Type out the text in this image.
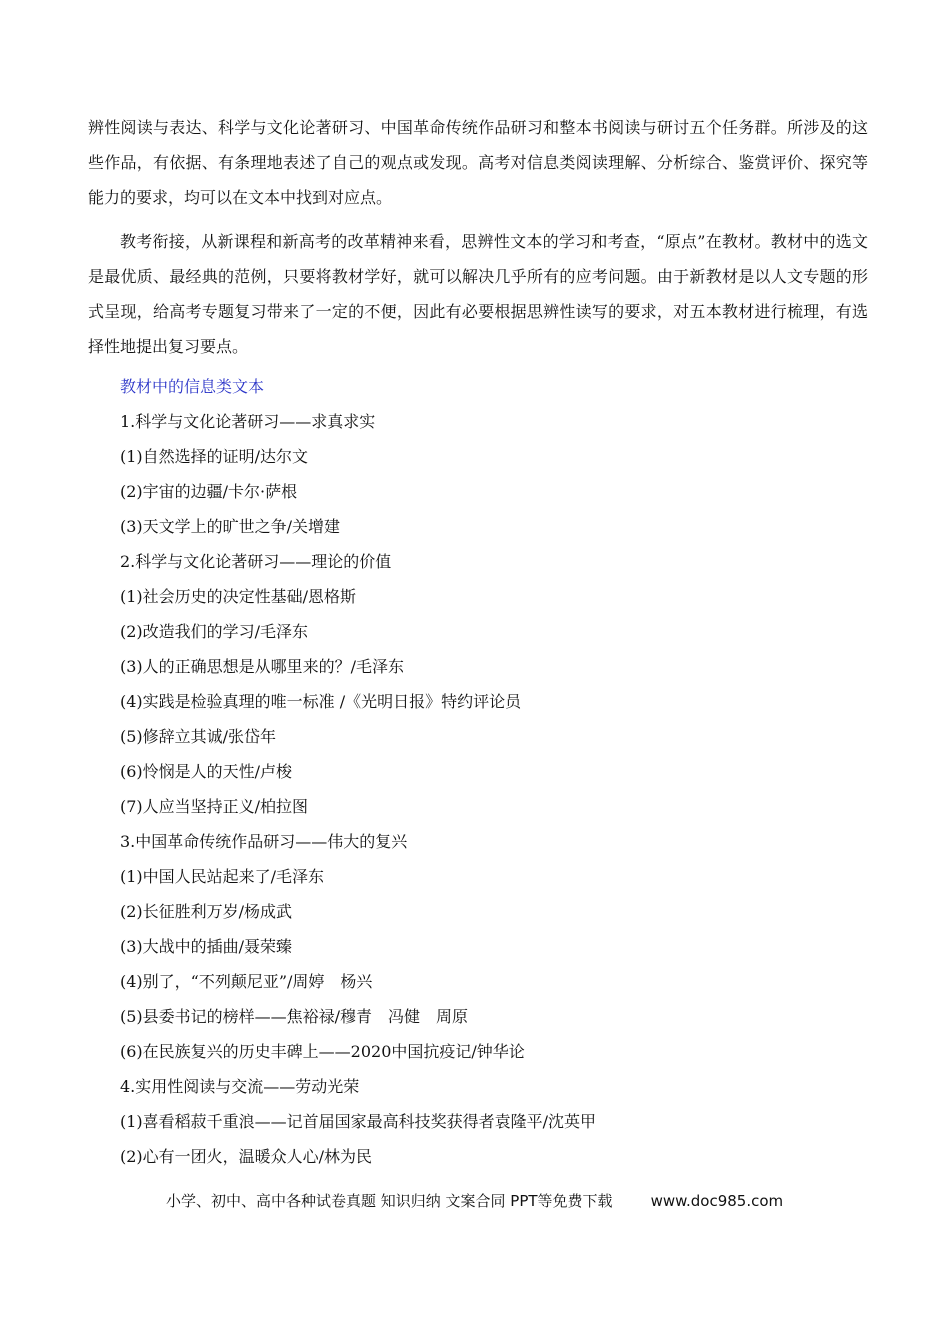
辨性阅读与表达、科学与文化论著研习、中国革命传统作品研习和整本书阅读与研讨五个任务群。所涉及的这些作品，有依据、有条理地表述了自己的观点或发现。高考对信息类阅读理解、分析综合、鉴赏评价、探究等能力的要求，均可以在文本中找到对应点。

教考衔接，从新课程和新高考的改革精神来看，思辨性文本的学习和考查，“原点”在教材。教材中的选文是最优质、最经典的范例，只要将教材学好，就可以解决几乎所有的应考问题。由于新教材是以人文专题的形式呈现，给高考专题复习带来了一定的不便，因此有必要根据思辨性读写的要求，对五本教材进行梳理，有选择性地提出复习要点。

教材中的信息类文本

1.科学与文化论著研习——求真求实
(1)自然选择的证明/达尔文
(2)宇宙的边疆/卡尔·萨根
(3)天文学上的旷世之争/关增建
2.科学与文化论著研习——理论的价值
(1)社会历史的决定性基础/恩格斯
(2)改造我们的学习/毛泽东
(3)人的正确思想是从哪里来的？/毛泽东
(4)实践是检验真理的唯一标准 /《光明日报》特约评论员
(5)修辞立其诚/张岱年
(6)怜悯是人的天性/卢梭
(7)人应当坚持正义/柏拉图
3.中国革命传统作品研习——伟大的复兴
(1)中国人民站起来了/毛泽东
(2)长征胜利万岁/杨成武
(3)大战中的插曲/聂荣臻
(4)别了，“不列颠尼亚”/周婷　杨兴
(5)县委书记的榜样——焦裕禄/穆青　冯健　周原
(6)在民族复兴的历史丰碑上——2020中国抗疫记/钟华论
4.实用性阅读与交流——劳动光荣
(1)喜看稻菽千重浪——记首届国家最高科技奖获得者袁隆平/沈英甲
(2)心有一团火，温暖众人心/林为民
小学、初中、高中各种试卷真题 知识归纳 文案合同 PPT等免费下载	www.doc985.com
